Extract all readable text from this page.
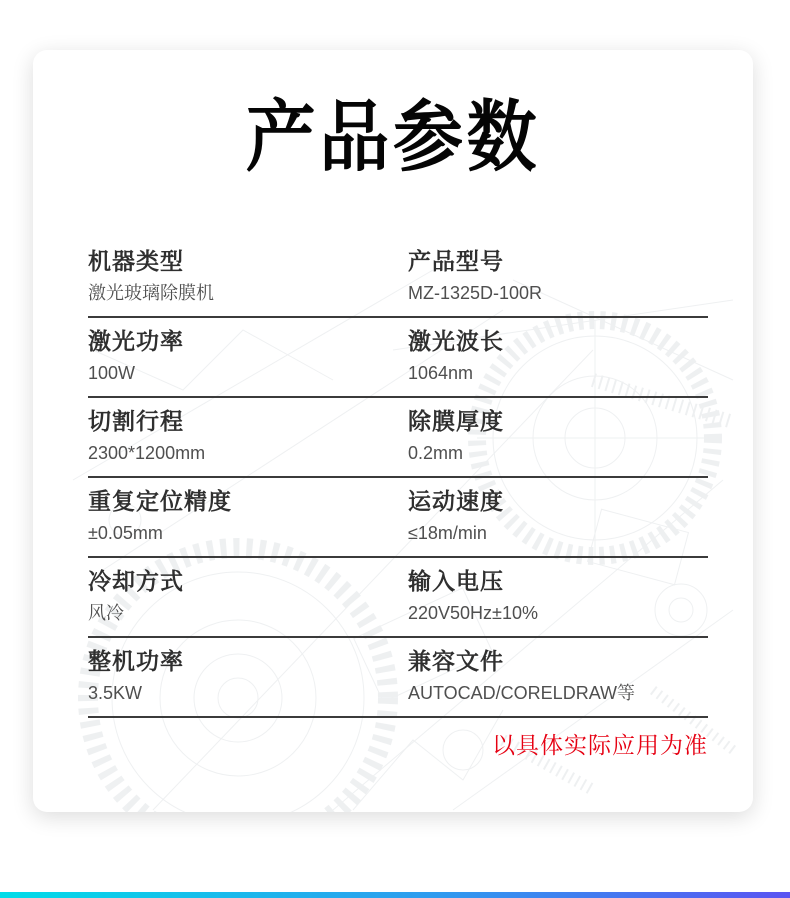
产品参数
机器类型
激光玻璃除膜机
产品型号
MZ-1325D-100R
激光功率
100W
激光波长
1064nm
切割行程
2300*1200mm
除膜厚度
0.2mm
重复定位精度
±0.05mm
运动速度
≤18m/min
冷却方式
风冷
输入电压
220V50Hz±10%
整机功率
3.5KW
兼容文件
AUTOCAD/CORELDRAW等
以具体实际应用为准
